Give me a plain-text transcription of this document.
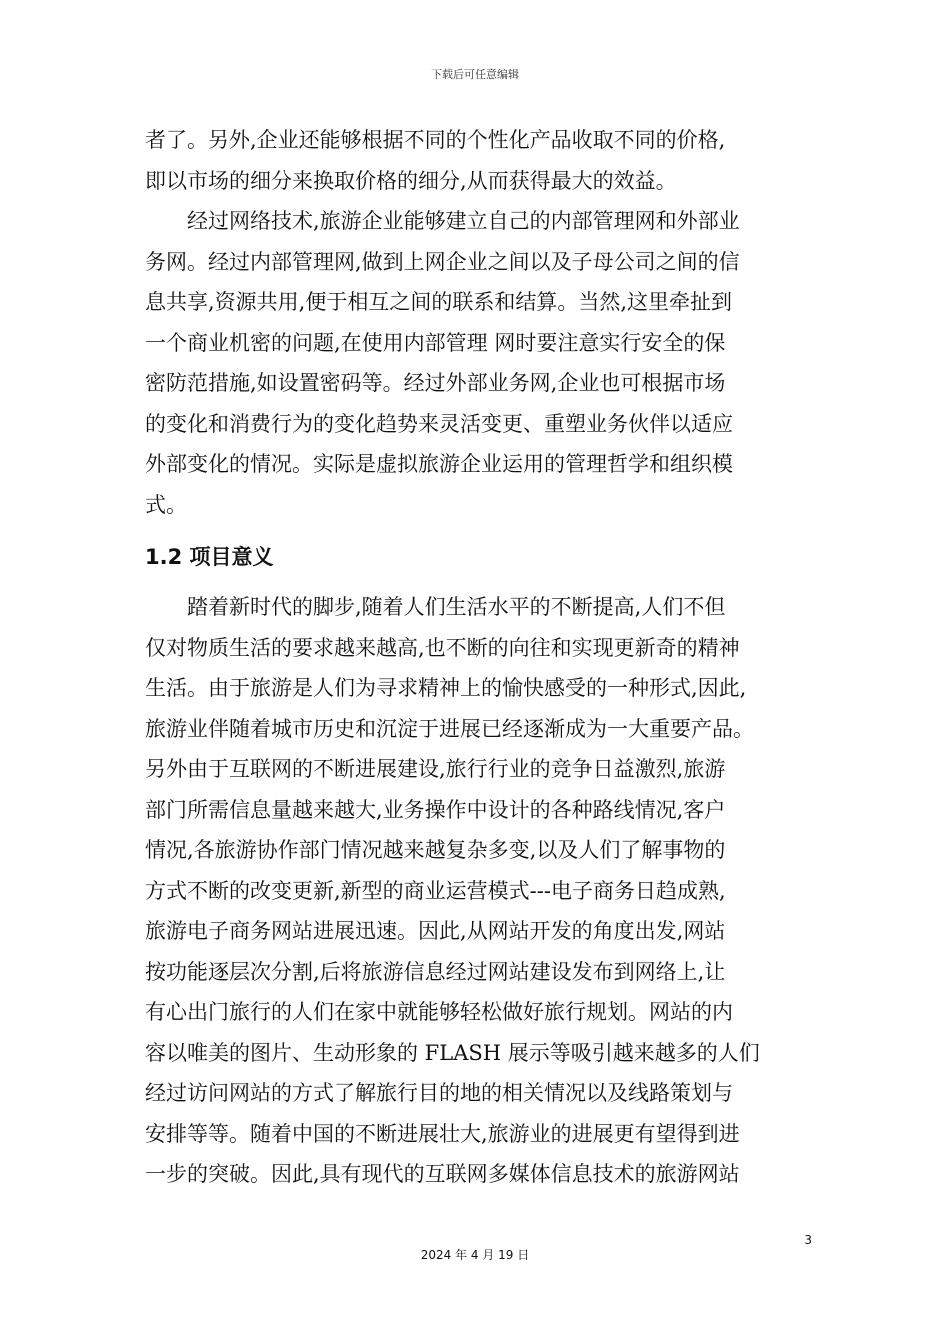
下载后可任意编辑

者了。另外,企业还能够根据不同的个性化产品收取不同的价格,
即以市场的细分来换取价格的细分,从而获得最大的效益。

经过网络技术,旅游企业能够建立自己的内部管理网和外部业
务网。经过内部管理网,做到上网企业之间以及子母公司之间的信
息共享,资源共用,便于相互之间的联系和结算。当然,这里牵扯到
一个商业机密的问题,在使用内部管理 网时要注意实行安全的保
密防范措施,如设置密码等。经过外部业务网,企业也可根据市场
的变化和消费行为的变化趋势来灵活变更、重塑业务伙伴以适应
外部变化的情况。实际是虚拟旅游企业运用的管理哲学和组织模
式。

1.2 项目意义

踏着新时代的脚步,随着人们生活水平的不断提高,人们不但
仅对物质生活的要求越来越高,也不断的向往和实现更新奇的精神
生活。由于旅游是人们为寻求精神上的愉快感受的一种形式,因此,
旅游业伴随着城市历史和沉淀于进展已经逐渐成为一大重要产品。
另外由于互联网的不断进展建设,旅行行业的竞争日益激烈,旅游
部门所需信息量越来越大,业务操作中设计的各种路线情况,客户
情况,各旅游协作部门情况越来越复杂多变,以及人们了解事物的
方式不断的改变更新,新型的商业运营模式---电子商务日趋成熟,
旅游电子商务网站进展迅速。因此,从网站开发的角度出发,网站
按功能逐层次分割,后将旅游信息经过网站建设发布到网络上,让
有心出门旅行的人们在家中就能够轻松做好旅行规划。网站的内
容以唯美的图片、生动形象的 FLASH 展示等吸引越来越多的人们
经过访问网站的方式了解旅行目的地的相关情况以及线路策划与
安排等等。随着中国的不断进展壮大,旅游业的进展更有望得到进
一步的突破。因此,具有现代的互联网多媒体信息技术的旅游网站

3
2024 年 4 月 19 日
